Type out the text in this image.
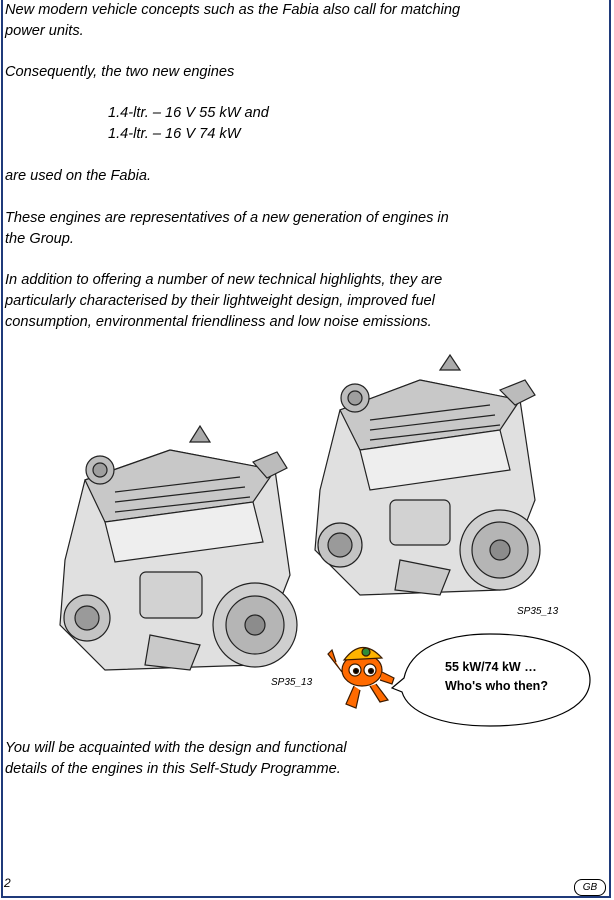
New modern vehicle concepts such as the Fabia also call for matching

power units.

Consequently, the two new engines

1.4-ltr. – 16 V 55 kW and
1.4-ltr. – 16 V 74 kW

are used on the Fabia.

These engines are representatives of a new generation of engines in

the Group.

In addition to offering a number of new technical highlights, they are

particularly characterised by their lightweight design, improved fuel

consumption, environmental friendliness and low noise emissions.

SP35_13
SP35_13
55 kW/74 kW …
Who's who then?

You will be acquainted with the design and functional

details of the engines in this Self-Study Programme.

2	GB
